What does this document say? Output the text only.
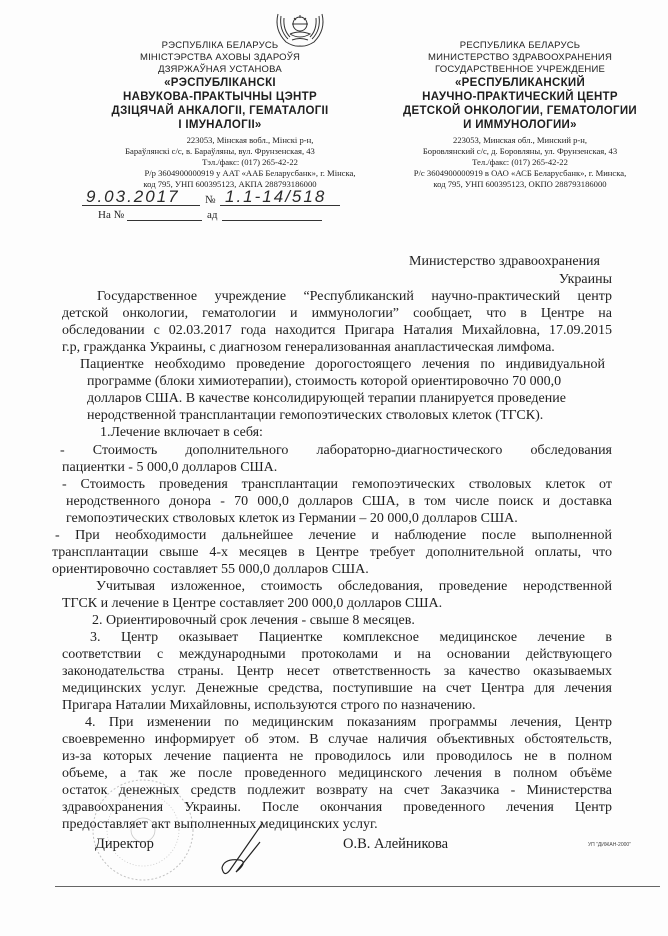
РЭСПУБЛІКА БЕЛАРУСЬ
МІНІСТЭРСТВА АХОВЫ ЗДАРОЎЯ
ДЗЯРЖАЎНАЯ УСТАНОВА
«РЭСПУБЛІКАНСКІ
НАВУКОВА-ПРАКТЫЧНЫ ЦЭНТР
ДЗІЦЯЧАЙ АНКАЛОГІІ, ГЕМАТАЛОГІІ
І ІМУНАЛОГІІ»
223053, Мінская вобл., Мінскі р-н,
Бараўлянскі с/с, в. Бараўляны, вул. Фрунзенская, 43
Тэл./факс: (017) 265-42-22
Р/р 3604900000919 у ААТ «ААБ Беларусбанк», г. Мінска,
код 795, УНП 600395123, АКПА 288793186000
РЕСПУБЛИКА БЕЛАРУСЬ
МИНИСТЕРСТВО ЗДРАВООХРАНЕНИЯ
ГОСУДАРСТВЕННОЕ УЧРЕЖДЕНИЕ
«РЕСПУБЛИКАНСКИЙ
НАУЧНО-ПРАКТИЧЕСКИЙ ЦЕНТР
ДЕТСКОЙ ОНКОЛОГИИ, ГЕМАТОЛОГИИ
И ИММУНОЛОГИИ»
223053, Минская обл., Минский р-н,
Боровлянский с/с, д. Боровляны, ул. Фрунзенская, 43
Тел./факс: (017) 265-42-22
Р/с 3604900000919 в ОАО «АСБ Беларусбанк», г. Минска,
код 795, УНП 600395123, ОКПО 288793186000
9.03.2017 № 1.1-14/518
На №	ад
Министерство здравоохранения
Украины
Государственное учреждение “Республиканский научно-практический центр
детской онкологии, гематологии и иммунологии” сообщает, что в Центре на
обследовании с 02.03.2017 года находится Пригара Наталия Михайловна, 17.09.2015
г.р, гражданка Украины, с диагнозом генерализованная анапластическая лимфома.
Пациентке необходимо проведение дорогостоящего лечения по индивидуальной
программе (блоки химиотерапии), стоимость которой ориентировочно 70 000,0
долларов США. В качестве консолидирующей терапии планируется проведение
неродственной трансплантации гемопоэтических стволовых клеток (ТГСК).
1.Лечение включает в себя:
- Стоимость дополнительного лабораторно-диагностического обследования
пациентки - 5 000,0 долларов США.
- Стоимость проведения трансплантации гемопоэтических стволовых клеток от
неродственного донора - 70 000,0 долларов США, в том числе поиск и доставка
гемопоэтических стволовых клеток из Германии – 20 000,0 долларов США.
- При необходимости дальнейшее лечение и наблюдение после выполненной
трансплантации свыше 4-х месяцев в Центре требует дополнительной оплаты, что
ориентировочно составляет 55 000,0 долларов США.
Учитывая изложенное, стоимость обследования, проведение неродственной
ТГСК и лечение в Центре составляет 200 000,0 долларов США.
2. Ориентировочный срок лечения - свыше 8 месяцев.
3. Центр оказывает Пациентке комплексное медицинское лечение в
соответствии с международными протоколами и на основании действующего
законодательства страны. Центр несет ответственность за качество оказываемых
медицинских услуг. Денежные средства, поступившие на счет Центра для лечения
Пригара Наталии Михайловны, используются строго по назначению.
4. При изменении по медицинским показаниям программы лечения, Центр
своевременно информирует об этом. В случае наличия объективных обстоятельств,
из-за которых лечение пациента не проводилось или проводилось не в полном
объеме, а так же после проведенного медицинского лечения в полном объёме
остаток денежных средств подлежит возврату на счет Заказчика - Министерства
здравоохранения Украины. После окончания проведенного лечения Центр
предоставляет акт выполненных медицинских услуг.
Директор	О.В. Алейникова	УП “ДИЖАН-2000”
